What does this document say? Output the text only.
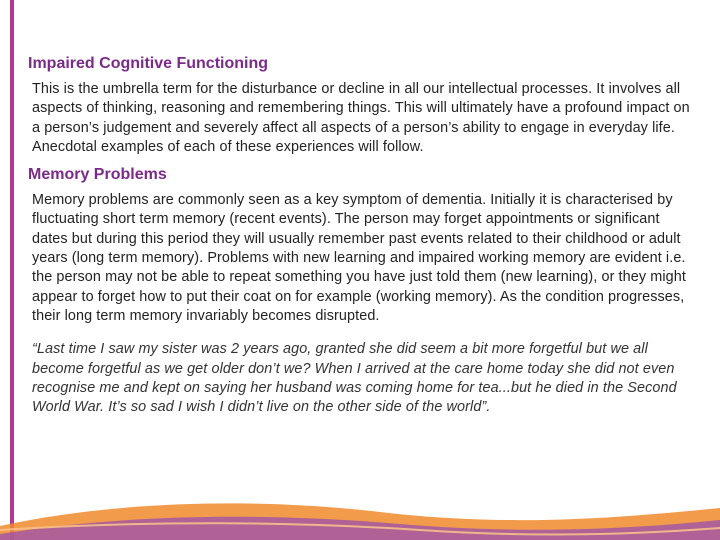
Impaired Cognitive Functioning

This is the umbrella term for the disturbance or decline in all our intellectual processes. It involves all aspects of thinking, reasoning and remembering things. This will ultimately have a profound impact on a person’s judgement and severely affect all aspects of a person’s ability to engage in everyday life. Anecdotal examples of each of these experiences will follow.

Memory Problems

Memory problems are commonly seen as a key symptom of dementia. Initially it is characterised by fluctuating short term memory (recent events). The person may forget appointments or significant dates but during this period they will usually remember past events related to their childhood or adult years (long term memory). Problems with new learning and impaired working memory are evident i.e. the person may not be able to repeat something you have just told them (new learning), or they might appear to forget how to put their coat on for example (working memory). As the condition progresses, their long term memory invariably becomes disrupted.

“Last time I saw my sister was 2 years ago, granted she did seem a bit more forgetful but we all become forgetful as we get older don’t we? When I arrived at the care home today she did not even recognise me and kept on saying her husband was coming home for tea...but he died in the Second World War. It’s so sad I wish I didn’t live on the other side of the world”.
